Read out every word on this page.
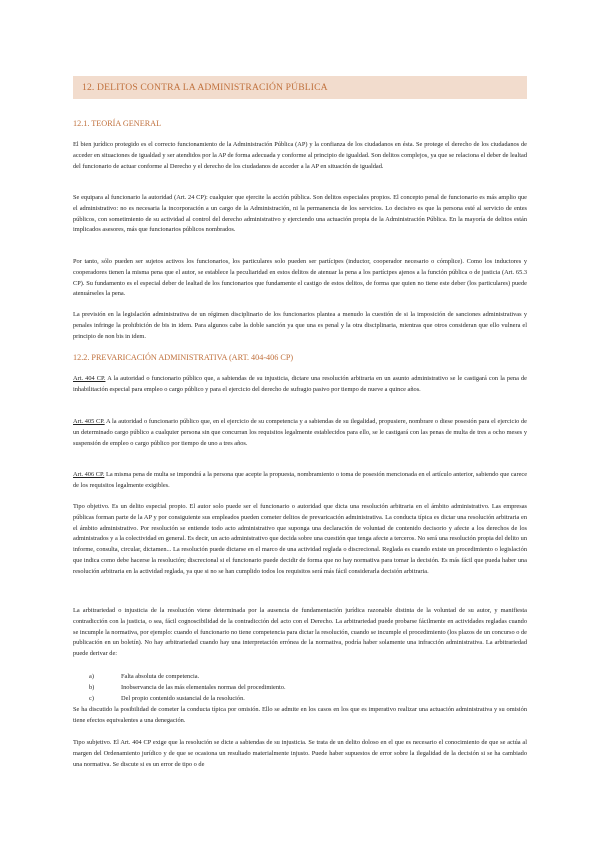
12. DELITOS CONTRA LA ADMINISTRACIÓN PÚBLICA
12.1. TEORÍA GENERAL

El bien jurídico protegido es el correcto funcionamiento de la Administración Pública (AP) y la confianza de los ciudadanos en ésta. Se protege el derecho de los ciudadanos de acceder en situaciones de igualdad y ser atendidos por la AP de forma adecuada y conforme al principio de igualdad. Son delitos complejos, ya que se relaciona el deber de lealtad del funcionario de actuar conforme al Derecho y el derecho de los ciudadanos de acceder a la AP en situación de igualdad.

Se equipara al funcionario la autoridad (Art. 24 CP): cualquier que ejercite la acción pública. Son delitos especiales propios. El concepto penal de funcionario es más amplio que el administrativo: no es necesaria la incorporación a un cargo de la Administración, ni la permanencia de los servicios. Lo decisivo es que la persona esté al servicio de entes públicos, con sometimiento de su actividad al control del derecho administrativo y ejerciendo una actuación propia de la Administración Pública. En la mayoría de delitos están implicados asesores, más que funcionarios públicos nombrados.

Por tanto, sólo pueden ser sujetos activos los funcionarios, los particulares solo pueden ser partícipes (inductor, cooperador necesario o cómplice). Como los inductores y cooperadores tienen la misma pena que el autor, se establece la peculiaridad en estos delitos de atenuar la pena a los partícipes ajenos a la función pública o de justicia (Art. 65.3 CP). Su fundamento es el especial deber de lealtad de los funcionarios que fundamente el castigo de estos delitos, de forma que quien no tiene este deber (los particulares) puede atenuárseles la pena.

La previsión en la legislación administrativa de un régimen disciplinario de los funcionarios plantea a menudo la cuestión de si la imposición de sanciones administrativas y penales infringe la prohibición de bis in idem. Para algunos cabe la doble sanción ya que una es penal y la otra disciplinaria, mientras que otros consideran que ello vulnera el principio de non bis in idem.

12.2. PREVARICACIÓN ADMINISTRATIVA (ART. 404-406 CP)

Art. 404 CP. A la autoridad o funcionario público que, a sabiendas de su injusticia, dictare una resolución arbitraria en un asunto administrativo se le castigará con la pena de inhabilitación especial para empleo o cargo público y para el ejercicio del derecho de sufragio pasivo por tiempo de nueve a quince años.

Art. 405 CP. A la autoridad o funcionario público que, en el ejercicio de su competencia y a sabiendas de su ilegalidad, propusiere, nombrare o diese posesión para el ejercicio de un determinado cargo público a cualquier persona sin que concurran los requisitos legalmente establecidos para ello, se le castigará con las penas de multa de tres a ocho meses y suspensión de empleo o cargo público por tiempo de uno a tres años.

Art. 406 CP. La misma pena de multa se impondrá a la persona que acepte la propuesta, nombramiento o toma de posesión mencionada en el artículo anterior, sabiendo que carece de los requisitos legalmente exigibles.

Tipo objetivo. Es un delito especial propio. El autor solo puede ser el funcionario o autoridad que dicta una resolución arbitraria en el ámbito administrativo. Las empresas públicas forman parte de la AP y por consiguiente sus empleados pueden cometer delitos de prevaricación administrativa. La conducta típica es dictar una resolución arbitraria en el ámbito administrativo. Por resolución se entiende todo acto administrativo que suponga una declaración de voluntad de contenido decisorio y afecte a los derechos de los administrados y a la colectividad en general. Es decir, un acto administrativo que decida sobre una cuestión que tenga afecte a terceros. No será una resolución propia del delito un informe, consulta, circular, dictamen... La resolución puede dictarse en el marco de una actividad reglada o discrecional. Reglada es cuando existe un procedimiento o legislación que indica como debe hacerse la resolución; discrecional si el funcionario puede decidir de forma que no hay normativa para tomar la decisión. Es más fácil que pueda haber una resolución arbitraria en la actividad reglada, ya que si no se han cumplido todos los requisitos será más fácil considerarla decisión arbitraria.

La arbitrariedad o injusticia de la resolución viene determinada por la ausencia de fundamentación jurídica razonable distinta de la voluntad de su autor, y manifiesta contradicción con la justicia, o sea, fácil cognoscibilidad de la contradicción del acto con el Derecho. La arbitrariedad puede probarse fácilmente en actividades regladas cuando se incumple la normativa, por ejemplo: cuando el funcionario no tiene competencia para dictar la resolución, cuando se incumple el procedimiento (los plazos de un concurso o de publicación en un boletín). No hay arbitrariedad cuando hay una interpretación errónea de la normativa, podría haber solamente una infracción administrativa. La arbitrariedad puede derivar de:

a)	Falta absoluta de competencia.
b)	Inobservancia de las más elementales normas del procedimiento.
c)	Del propio contenido sustancial de la resolución.

Se ha discutido la posibilidad de cometer la conducta típica por omisión. Ello se admite en los casos en los que es imperativo realizar una actuación administrativa y su omisión tiene efectos equivalentes a una denegación.

Tipo subjetivo. El Art. 404 CP exige que la resolución se dicte a sabiendas de su injusticia. Se trata de un delito doloso en el que es necesario el conocimiento de que se actúa al margen del Ordenamiento jurídico y de que se ocasiona un resultado materialmente injusto. Puede haber supuestos de error sobre la ilegalidad de la decisión si se ha cambiado una normativa. Se discute si es un error de tipo o de
